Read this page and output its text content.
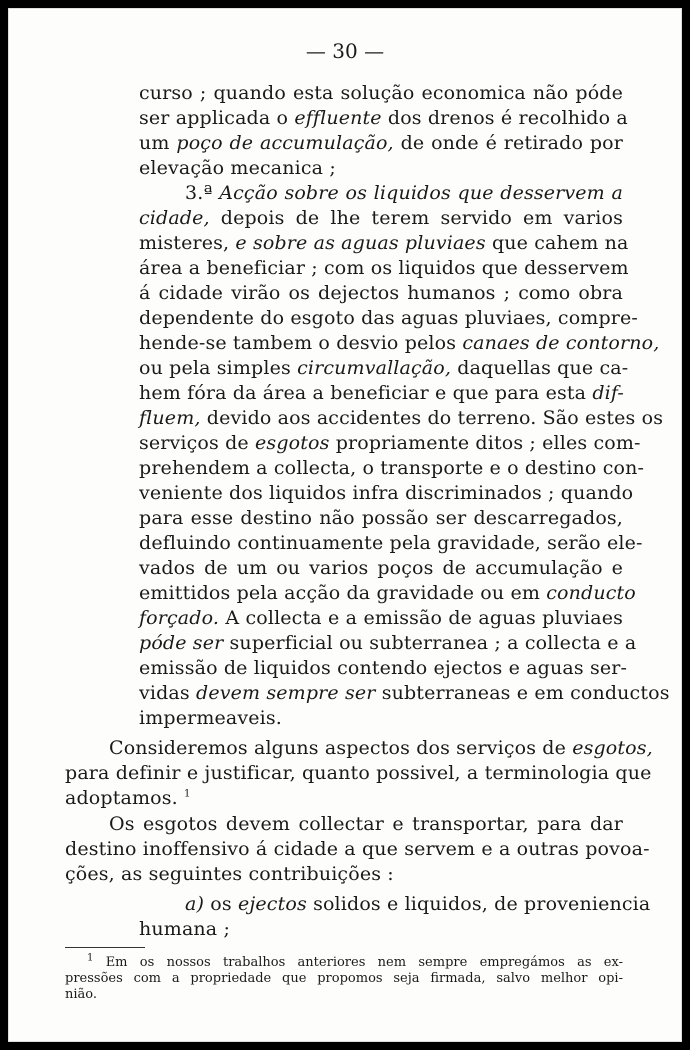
— 30 —
curso ; quando esta solução economica não póde
ser applicada o effluente dos drenos é recolhido a
um poço de accumulação, de onde é retirado por
elevação mecanica ;
3.ª Acção sobre os liquidos que desservem a
cidade, depois de lhe terem servido em varios
misteres, e sobre as aguas pluviaes que cahem na
área a beneficiar ; com os liquidos que desservem
á cidade virão os dejectos humanos ; como obra
dependente do esgoto das aguas pluviaes, compre-
hende-se tambem o desvio pelos canaes de contorno,
ou pela simples circumvallação, daquellas que ca-
hem fóra da área a beneficiar e que para esta dif-
fluem, devido aos accidentes do terreno. São estes os
serviços de esgotos propriamente ditos ; elles com-
prehendem a collecta, o transporte e o destino con-
veniente dos liquidos infra discriminados ; quando
para esse destino não possão ser descarregados,
defluindo continuamente pela gravidade, serão ele-
vados de um ou varios poços de accumulação e
emittidos pela acção da gravidade ou em conducto
forçado. A collecta e a emissão de aguas pluviaes
póde ser superficial ou subterranea ; a collecta e a
emissão de liquidos contendo ejectos e aguas ser-
vidas devem sempre ser subterraneas e em conductos
impermeaveis.
Consideremos alguns aspectos dos serviços de esgotos,
para definir e justificar, quanto possivel, a terminologia que
adoptamos. $^1$
Os esgotos devem collectar e transportar, para dar
destino inoffensivo á cidade a que servem e a outras povoa-
ções, as seguintes contribuições :
a) os ejectos solidos e liquidos, de proveniencia
humana ;
$^1$ Em os nossos trabalhos anteriores nem sempre empregámos as ex-
pressões com a propriedade que propomos seja firmada, salvo melhor opi-
nião.
